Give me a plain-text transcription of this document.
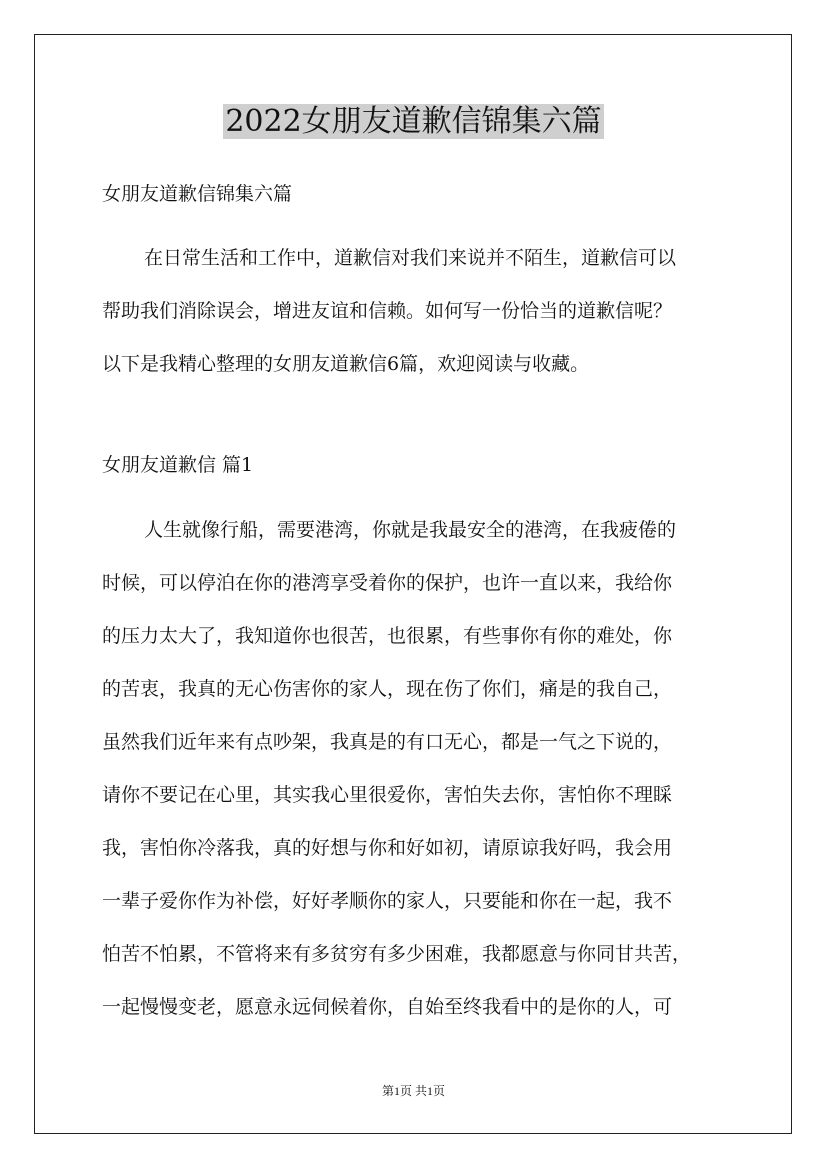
2022女朋友道歉信锦集六篇
女朋友道歉信锦集六篇
在日常生活和工作中，道歉信对我们来说并不陌生，道歉信可以
帮助我们消除误会，增进友谊和信赖。如何写一份恰当的道歉信呢？
以下是我精心整理的女朋友道歉信6篇，欢迎阅读与收藏。
女朋友道歉信 篇1
人生就像行船，需要港湾，你就是我最安全的港湾，在我疲倦的
时候，可以停泊在你的港湾享受着你的保护，也许一直以来，我给你
的压力太大了，我知道你也很苦，也很累，有些事你有你的难处，你
的苦衷，我真的无心伤害你的家人，现在伤了你们，痛是的我自己，
虽然我们近年来有点吵架，我真是的有口无心，都是一气之下说的，
请你不要记在心里，其实我心里很爱你，害怕失去你，害怕你不理睬
我，害怕你冷落我，真的好想与你和好如初，请原谅我好吗，我会用
一辈子爱你作为补偿，好好孝顺你的家人，只要能和你在一起，我不
怕苦不怕累，不管将来有多贫穷有多少困难，我都愿意与你同甘共苦，
一起慢慢变老，愿意永远伺候着你，自始至终我看中的是你的人，可
第1页 共1页
